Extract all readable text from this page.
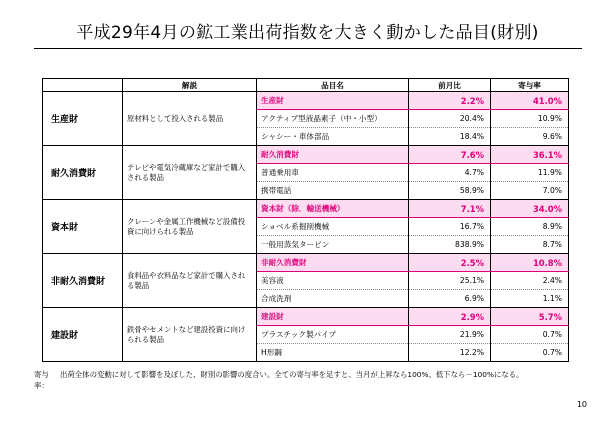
平成29年4月の鉱工業出荷指数を大きく動かした品目(財別)
	解説	品目名	前月比	寄与率
生産財	原材料として投入される製品	生産財	2.2%	41.0%
		アクティブ型液晶素子（中・小型）	20.4%	10.9%
		シャシー・車体部品	18.4%	9.6%
耐久消費財	テレビや電気冷蔵庫など家計で購入される製品	耐久消費財	7.6%	36.1%
		普通乗用車	4.7%	11.9%
		携帯電話	58.9%	7.0%
資本財	クレーンや金属工作機械など設備投資に向けられる製品	資本財（除．輸送機械）	7.1%	34.0%
		ショベル系掘削機械	16.7%	8.9%
		一般用蒸気タービン	838.9%	8.7%
非耐久消費財	食料品や衣料品など家計で購入される製品	非耐久消費財	2.5%	10.8%
		美容液	25.1%	2.4%
		合成洗剤	6.9%	1.1%
建設財	鉄骨やセメントなど建設投資に向けられる製品	建設財	2.9%	5.7%
		プラスチック製パイプ	21.9%	0.7%
		H形鋼	12.2%	0.7%
寄与率：出荷全体の変動に対して影響を及ぼした、財別の影響の度合い。全ての寄与率を足すと、当月が上昇なら100%、低下なら－100%になる。
10
